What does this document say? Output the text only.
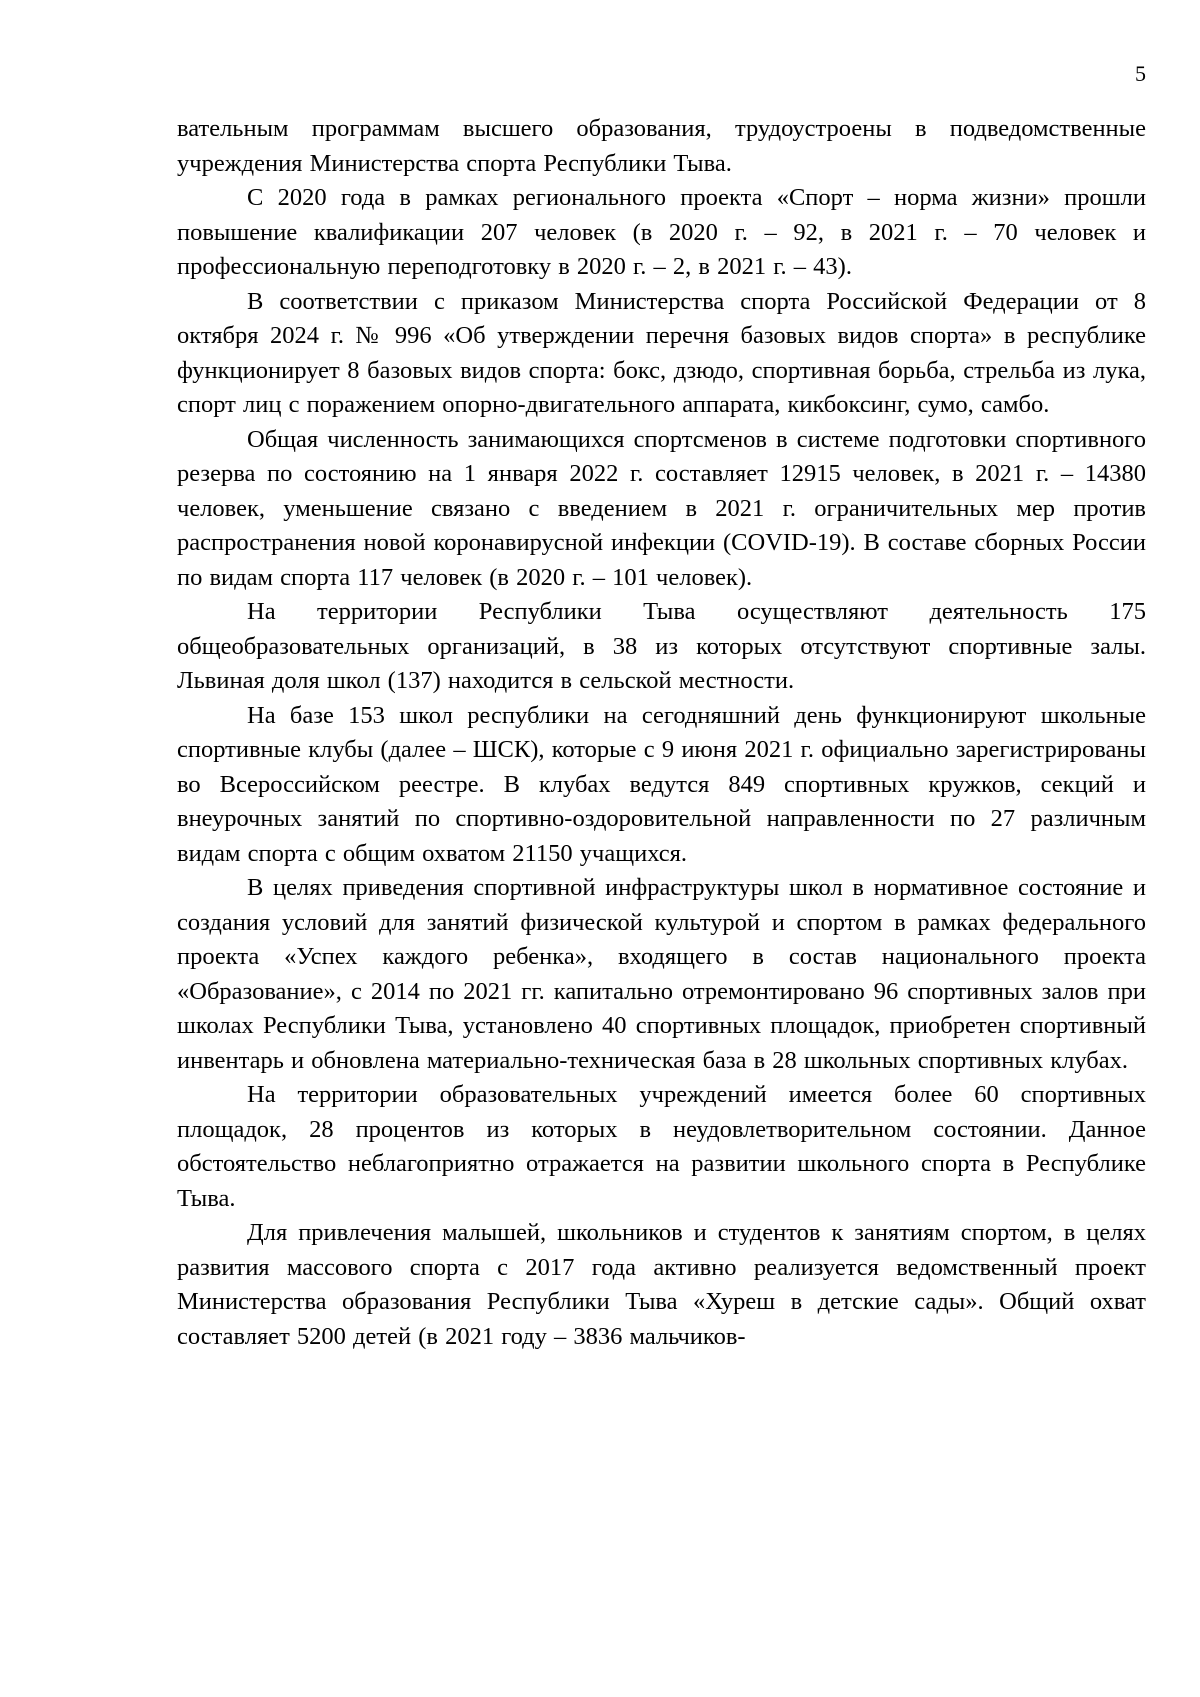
5

вательным программам высшего образования, трудоустроены в подведомственные учреждения Министерства спорта Республики Тыва.

С 2020 года в рамках регионального проекта «Спорт – норма жизни» прошли повышение квалификации 207 человек (в 2020 г. – 92, в 2021 г. – 70 человек и профессиональную переподготовку в 2020 г. – 2, в 2021 г. – 43).

В соответствии с приказом Министерства спорта Российской Федерации от 8 октября 2024 г. № 996 «Об утверждении перечня базовых видов спорта» в республике функционирует 8 базовых видов спорта: бокс, дзюдо, спортивная борьба, стрельба из лука, спорт лиц с поражением опорно-двигательного аппарата, кикбоксинг, сумо, самбо.

Общая численность занимающихся спортсменов в системе подготовки спортивного резерва по состоянию на 1 января 2022 г. составляет 12915 человек, в 2021 г. – 14380 человек, уменьшение связано с введением в 2021 г. ограничительных мер против распространения новой коронавирусной инфекции (COVID-19). В составе сборных России по видам спорта 117 человек (в 2020 г. – 101 человек).

На территории Республики Тыва осуществляют деятельность 175 общеобразовательных организаций, в 38 из которых отсутствуют спортивные залы. Львиная доля школ (137) находится в сельской местности.

На базе 153 школ республики на сегодняшний день функционируют школьные спортивные клубы (далее – ШСК), которые с 9 июня 2021 г. официально зарегистрированы во Всероссийском реестре. В клубах ведутся 849 спортивных кружков, секций и внеурочных занятий по спортивно-оздоровительной направленности по 27 различным видам спорта с общим охватом 21150 учащихся.

В целях приведения спортивной инфраструктуры школ в нормативное состояние и создания условий для занятий физической культурой и спортом в рамках федерального проекта «Успех каждого ребенка», входящего в состав национального проекта «Образование», с 2014 по 2021 гг. капитально отремонтировано 96 спортивных залов при школах Республики Тыва, установлено 40 спортивных площадок, приобретен спортивный инвентарь и обновлена материально-техническая база в 28 школьных спортивных клубах.

На территории образовательных учреждений имеется более 60 спортивных площадок, 28 процентов из которых в неудовлетворительном состоянии. Данное обстоятельство неблагоприятно отражается на развитии школьного спорта в Республике Тыва.

Для привлечения малышей, школьников и студентов к занятиям спортом, в целях развития массового спорта с 2017 года активно реализуется ведомственный проект Министерства образования Республики Тыва «Хуреш в детские сады». Общий охват составляет 5200 детей (в 2021 году – 3836 мальчиков-
